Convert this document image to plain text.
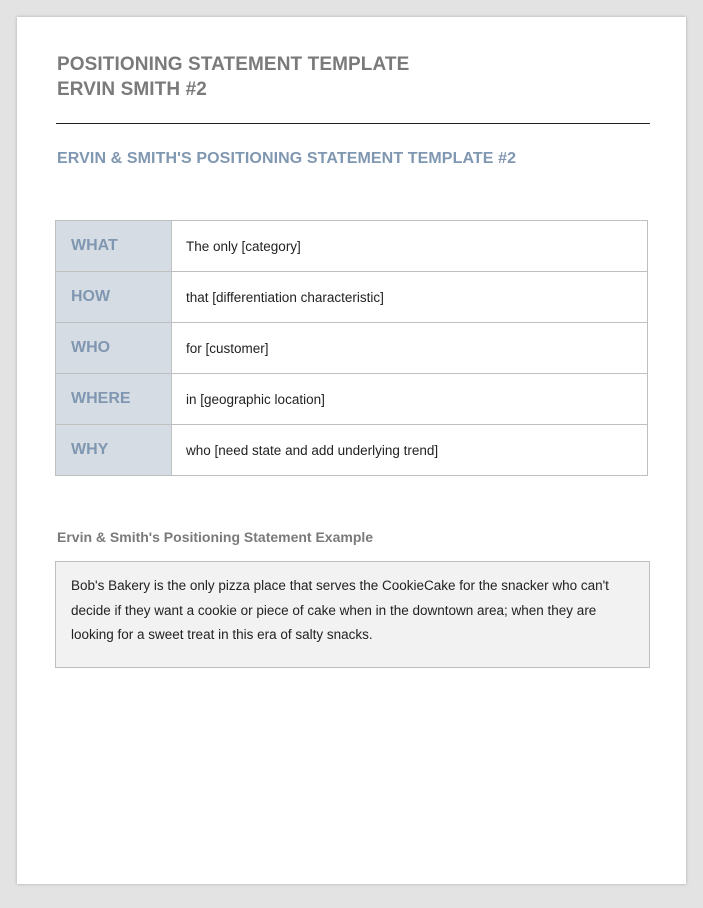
POSITIONING STATEMENT TEMPLATE
ERVIN SMITH #2
ERVIN & SMITH'S POSITIONING STATEMENT TEMPLATE #2
WHAT	The only [category]
HOW	that [differentiation characteristic]
WHO	for [customer]
WHERE	in [geographic location]
WHY	who [need state and add underlying trend]
Ervin & Smith's Positioning Statement Example
Bob's Bakery is the only pizza place that serves the CookieCake for the snacker who can't decide if they want a cookie or piece of cake when in the downtown area; when they are looking for a sweet treat in this era of salty snacks.
